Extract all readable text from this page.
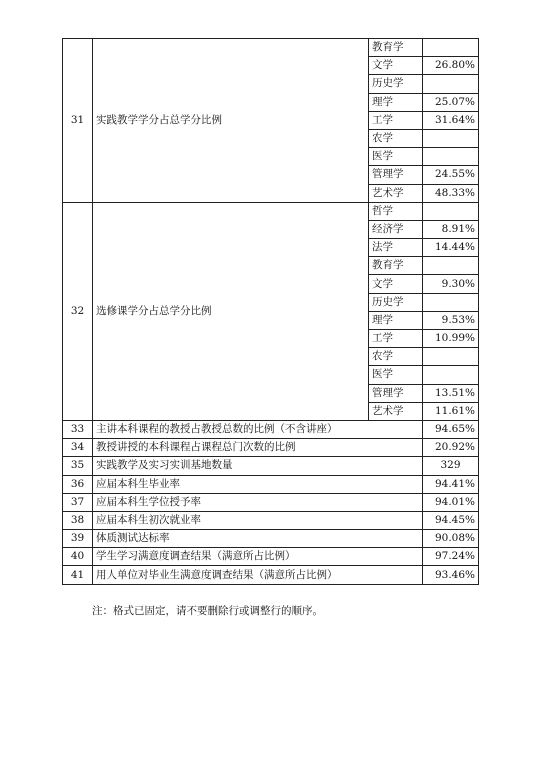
31	实践教学学分占总学分比例	教育学	
		文学	26.80%
		历史学	
		理学	25.07%
		工学	31.64%
		农学	
		医学	
		管理学	24.55%
		艺术学	48.33%
32	选修课学分占总学分比例	哲学	
		经济学	8.91%
		法学	14.44%
		教育学	
		文学	9.30%
		历史学	
		理学	9.53%
		工学	10.99%
		农学	
		医学	
		管理学	13.51%
		艺术学	11.61%
33	主讲本科课程的教授占教授总数的比例（不含讲座）		94.65%
34	教授讲授的本科课程占课程总门次数的比例		20.92%
35	实践教学及实习实训基地数量		329
36	应届本科生毕业率		94.41%
37	应届本科生学位授予率		94.01%
38	应届本科生初次就业率		94.45%
39	体质测试达标率		90.08%
40	学生学习满意度调查结果（满意所占比例）		97.24%
41	用人单位对毕业生满意度调查结果（满意所占比例）		93.46%
注：格式已固定，请不要删除行或调整行的顺序。
